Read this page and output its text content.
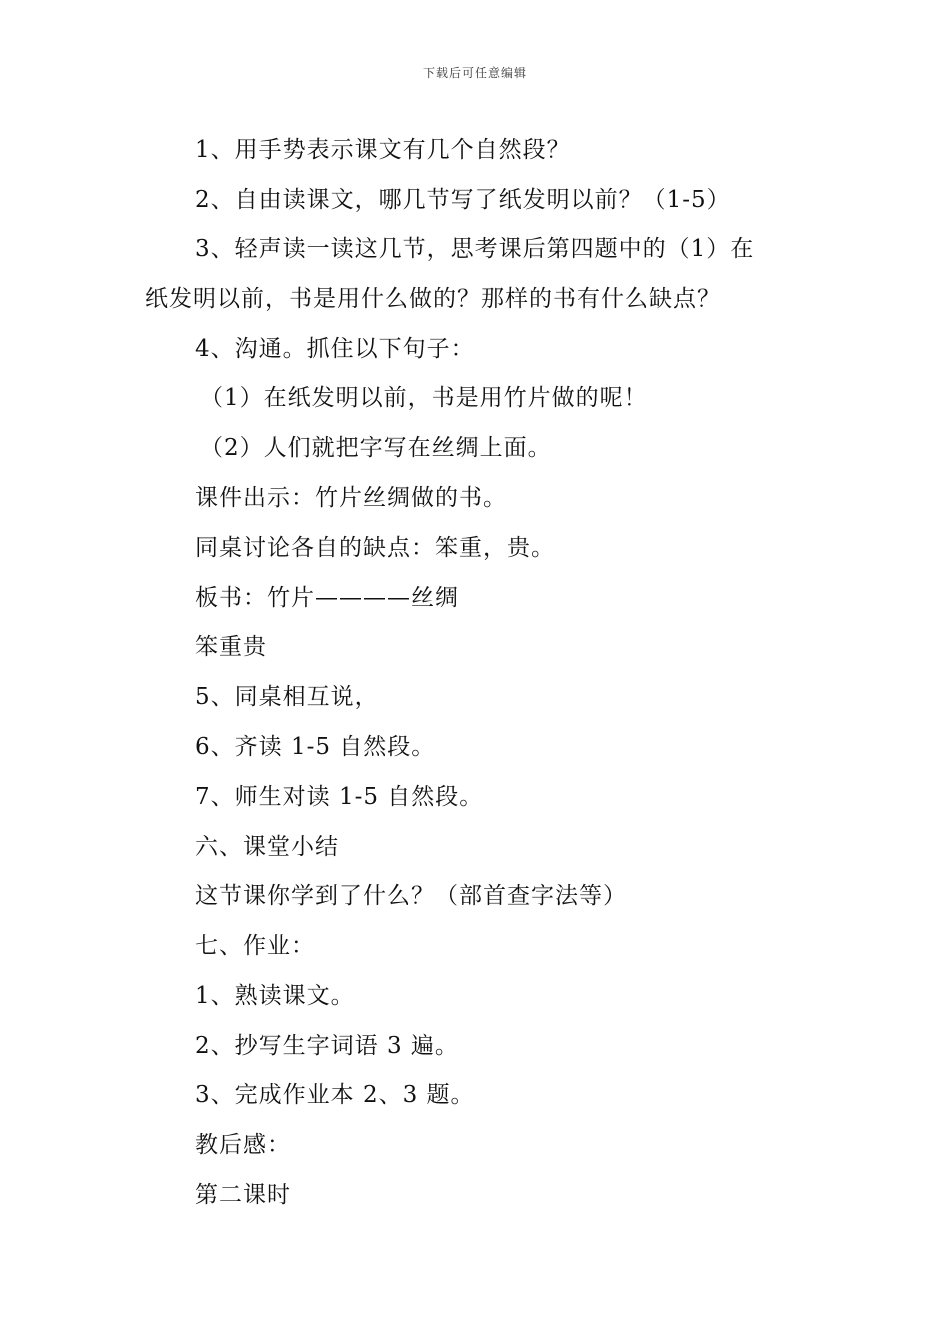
下载后可任意编辑
1、用手势表示课文有几个自然段？
2、自由读课文，哪几节写了纸发明以前？（1-5）
3、轻声读一读这几节，思考课后第四题中的（1）在
纸发明以前，书是用什么做的？那样的书有什么缺点？
4、沟通。抓住以下句子：
（1）在纸发明以前，书是用竹片做的呢！
（2）人们就把字写在丝绸上面。
课件出示：竹片丝绸做的书。
同桌讨论各自的缺点：笨重，贵。
板书：竹片————丝绸
笨重贵
5、同桌相互说，
6、齐读 1-5 自然段。
7、师生对读 1-5 自然段。
六、课堂小结
这节课你学到了什么？（部首查字法等）
七、作业：
1、熟读课文。
2、抄写生字词语 3 遍。
3、完成作业本 2、3 题。
教后感：
第二课时
